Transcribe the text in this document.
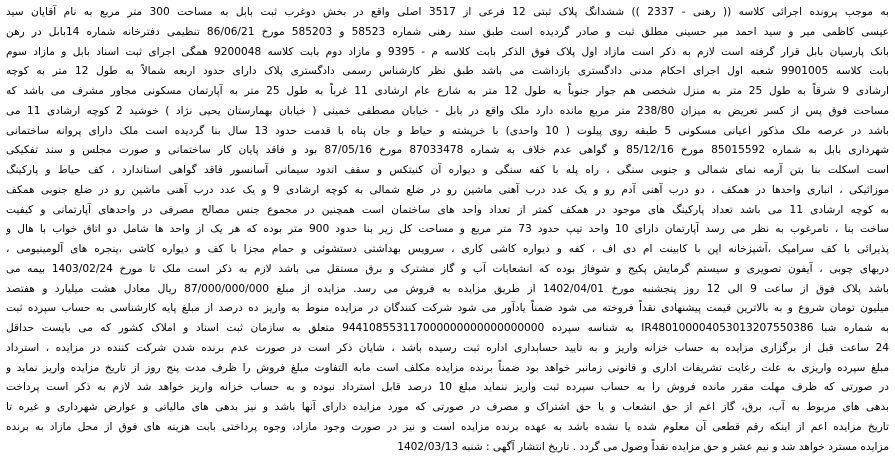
به موجب پرونده اجرائی کلاسه (( رهنی - 2337 )) ششدانگ پلاک ثبتی 12 فرعی از 3517 اصلی واقع در بخش دوغرب ثبت بابل به مساحت 300 متر مربع به نام آقایان سید
عیسی کاظمی میر و سید احمد میر حسینی مطلق ثبت و صادر گردیده است طبق سند رهنی شماره 58523 و 585203 مورخ 86/06/21 تنظیمی دفترخانه شماره 14بابل در رهن
بانک پارسیان بابل قرار گرفته است لازم به ذکر است مازاد اول پلاک فوق الذکر بابت کلاسه م - 9395 و مازاد دوم بابت کلاسه 9200048 همگی اجرای ثبت اسناد بابل و مازاد سوم
بابت کلاسه 9901005 شعبه اول اجرای احکام مدنی دادگستری بازداشت می باشد طبق نظر کارشناس رسمی دادگستری پلاک دارای حدود اربعه شمالاً به طول 12 متر به کوچه
ارشادی 9 شرقاً به طول 25 متر به منزل شخصی هم جوار جنوباً به طول 12 متر به شارع عام ارشادی 11 غرباً به طول 25 متر به آپارتمان مسکونی مجاور مشرف می باشد که
مساحت فوق پس از کسر تعریض به میزان 238/80 متر مربع مانده دارد ملک واقع در بابل - خیابان مصطفی خمینی ( خیابان بهمارستان یحیی نژاد ) خوشید 2 کوچه ارشادی 11 می
باشد در عرصه ملک مذکور اعیانی مسکونی 5 طبقه روی پیلوت ( 10 واحدی) با خرپشته و حیاط و جان پناه با قدمت حدود 13 سال بنا گردیده است ملک دارای پروانه ساختمانی
شهرداری بابل به شماره 85015592 مورخ 85/12/16 و گواهی عدم خلاف به شماره 87033478 مورخ 87/05/16 بود و فاقد پایان کار ساختمانی و صورت مجلس و سند تفکیکی
است اسکلت بنا بتن آرمه نمای شمالی و جنوبی سنگی ، راه پله با کفه سنگی و دیواره آن کنیتکس و سقف اندود سیمانی آسانسور فاقد گواهی استاندارد ، کف حیاط و پارکینگ
موزائیکی ، انباری واحدها در همکف ، دو درب آهنی آدم رو و یک عدد درب آهنی ماشین رو در ضلع شمالی به کوچه ارشادی 9 و یک عدد درب آهنی ماشین رو در ضلع جنوبی همکف
به کوچه ارشادی 11 می باشد تعداد پارکینگ های موجود در همکف کمتر از تعداد واحد های ساختمان است همچنین در مجموع جنس مصالح مصرفی در واحدهای آپارتمانی و کیفیت
ساخت بنا ، نامرغوب به نظر می رسد آپارتمان دارای 10 واحد تیپ حدود 73 متر مربع و مساحت کل زیر بنا حدود 900 متر بوده که هر یک از واحد ها شامل دو اتاق خواب با هال و
پذیرائی با کف سرامیک ،آشپزخانه اپن با کابینت ام دی اف ، کفه و دیواره کاشی کاری ، سرویس بهداشتی دستشوئی و حمام مجزا با کف و دیواره کاشی ،پنجره های آلومینیومی ،
دربهای چوبی ، آیفون تصویری و سیستم گرمایش پکیج و شوفاژ بوده که انشعابات آب و گاز مشترک و برق مستقل می باشد لازم به ذکر است ملک تا مورخ 1403/02/24 بیمه می
باشد پلاک فوق از ساعت 9 الی 12 روز پنجشنبه مورخ 1402/04/01 از طریق مزایده به فروش می رسد. مزایده از مبلغ 87/000/000/000 ریال معادل هشت میلیارد و هفتصد
میلیون تومان شروع و به بالاترین قیمت پیشنهادی نقداً فروخته می شود ضمناً یادآور می شود شرکت کنندگان در مزایده منوط به واریز ده درصد از مبلغ پایه کارشناسی به حساب سپرده ثبت
به شماره شبا IR480100004053013207550386 به شناسه سپرده 944108553117000000000000000000 متعلق به سازمان ثبت اسناد و املاک کشور که می بایست حداقل
24 ساعت قبل از برگزاری مزایده به حساب خزانه واریز و به تایید حسابداری اداره ثبت رسیده باشد ، شایان ذکر است در صورت عدم برنده شدن شرکت کننده در مزایده ، استرداد
مبلغ سپرده واریزی به علت رعایت تشریفات اداری و قانونی زمانبر خواهد بود ضمناً برنده مزایده مکلف است مابه التفاوت مبلغ فروش را ظرف مدت پنج روز از تاریخ مزایده واریز نماید و
در صورتی که ظرف مهلت مقرر مانده فروش را به حساب سپرده ثبت واریز ننماید مبلغ 10 درصد قابل استرداد نبوده و به حساب خزانه واریز خواهد شد لازم به ذکر است پرداخت
بدهی های مربوط به آب، برق، گاز اعم از حق انشعاب و یا حق اشتراک و مصرف در صورتی که مورد مزایده دارای آنها باشد و نیز بدهی های مالیاتی و عوارض شهرداری و غیره تا
تاریخ مزایده اعم از اینکه رقم قطعی آن معلوم شده یا نشده باشد به عهده برنده مزایده است و نیز در صورت وجود مازاد، وجوه پرداختی بابت هزینه های فوق از محل مازاد به برنده
مزایده مسترد خواهد شد و نیم عشر و حق مزایده نقداً وصول می گردد . تاریخ انتشار آگهی : شنبه 1402/03/13
